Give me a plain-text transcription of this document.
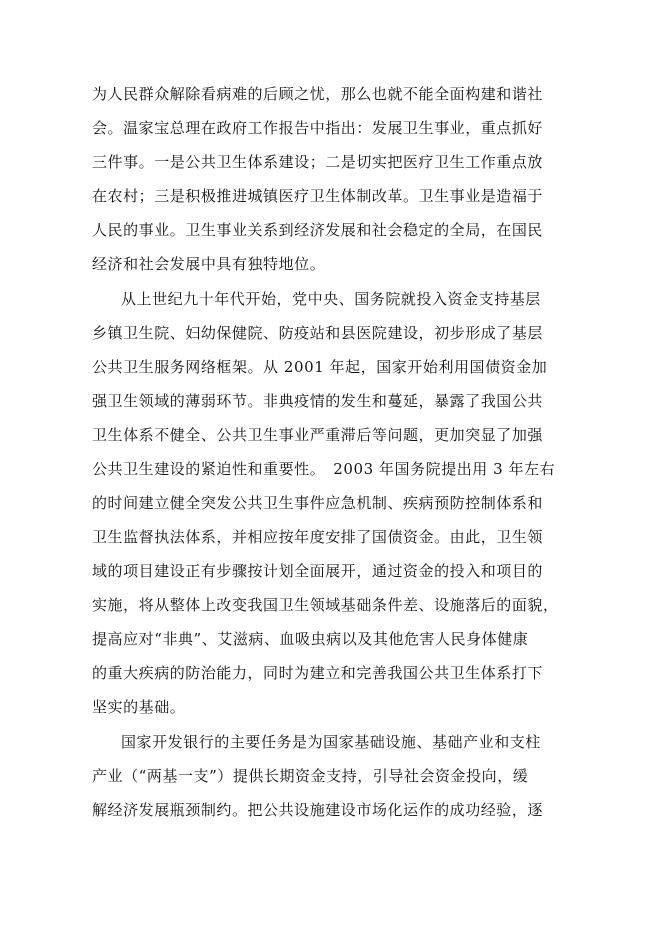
为人民群众解除看病难的后顾之忧，那么也就不能全面构建和谐社
会。温家宝总理在政府工作报告中指出：发展卫生事业，重点抓好
三件事。一是公共卫生体系建设；二是切实把医疗卫生工作重点放
在农村；三是积极推进城镇医疗卫生体制改革。卫生事业是造福于
人民的事业。卫生事业关系到经济发展和社会稳定的全局，在国民
经济和社会发展中具有独特地位。
从上世纪九十年代开始，党中央、国务院就投入资金支持基层
乡镇卫生院、妇幼保健院、防疫站和县医院建设，初步形成了基层
公共卫生服务网络框架。从 2001 年起，国家开始利用国债资金加
强卫生领域的薄弱环节。非典疫情的发生和蔓延，暴露了我国公共
卫生体系不健全、公共卫生事业严重滞后等问题，更加突显了加强
公共卫生建设的紧迫性和重要性。　2003 年国务院提出用 3 年左右
的时间建立健全突发公共卫生事件应急机制、疾病预防控制体系和
卫生监督执法体系，并相应按年度安排了国债资金。由此，卫生领
域的项目建设正有步骤按计划全面展开，通过资金的投入和项目的
实施，将从整体上改变我国卫生领域基础条件差、设施落后的面貌，
提高应对“非典”、艾滋病、血吸虫病以及其他危害人民身体健康
的重大疾病的防治能力，同时为建立和完善我国公共卫生体系打下
坚实的基础。
国家开发银行的主要任务是为国家基础设施、基础产业和支柱
产业（“两基一支”）提供长期资金支持，引导社会资金投向，缓
解经济发展瓶颈制约。把公共设施建设市场化运作的成功经验，逐
